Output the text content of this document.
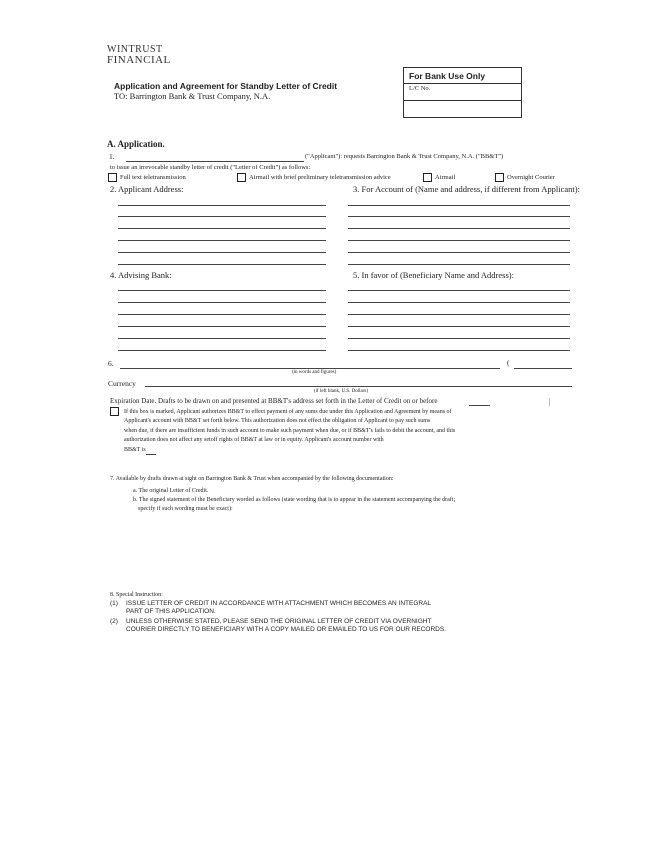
WINTRUST
FINANCIAL
Application and Agreement for Standby Letter of Credit
TO: Barrington Bank & Trust Company, N.A.
For Bank Use Only
L/C No.
A. Application.
1.	("Applicant"): requests Barrington Bank & Trust Company, N.A. ("BB&T")
to issue an irrevocable standby letter of credit ("Letter of Credit") as follows:
Full text teletransmission	Airmail with brief preliminary teletransmission advice	Airmail	Overnight Courier
2. Applicant Address:	3. For Account of (Name and address, if different from Applicant):
4. Advising Bank:	5. In favor of (Beneficiary Name and Address):
6.	(
(in words and figures)
Currency
(if left blank, U.S. Dollars)
Expiration Date. Drafts to be drawn on and presented at BB&T's address set forth in the Letter of Credit on or before
If this box is marked, Applicant authorizes BB&T to effect payment of any sums due under this Application and Agreement by means of
Applicant's account with BB&T set forth below. This authorization does not effect the obligation of Applicant to pay such sums
when due, if there are insufficient funds in such account to make such payment when due, or if BB&T's fails to debit the account, and this
authorization does not affect any setoff rights of BB&T at law or in equity. Applicant's account number with
BB&T is
7. Available by drafts drawn at sight on Barrington Bank & Trust when accompanied by the following documentation:
a. The original Letter of Credit.
b. The signed statement of the Beneficiary worded as follows (state wording that is to appear in the statement accompanying the draft;
specify if such wording must be exact):
8. Special Instruction:
(1) ISSUE LETTER OF CREDIT IN ACCORDANCE WITH ATTACHMENT WHICH BECOMES AN INTEGRAL
PART OF THIS APPLICATION.
(2) UNLESS OTHERWISE STATED, PLEASE SEND THE ORIGINAL LETTER OF CREDIT VIA OVERNIGHT
COURIER DIRECTLY TO BENEFICIARY WITH A COPY MAILED OR EMAILED TO US FOR OUR RECORDS.
